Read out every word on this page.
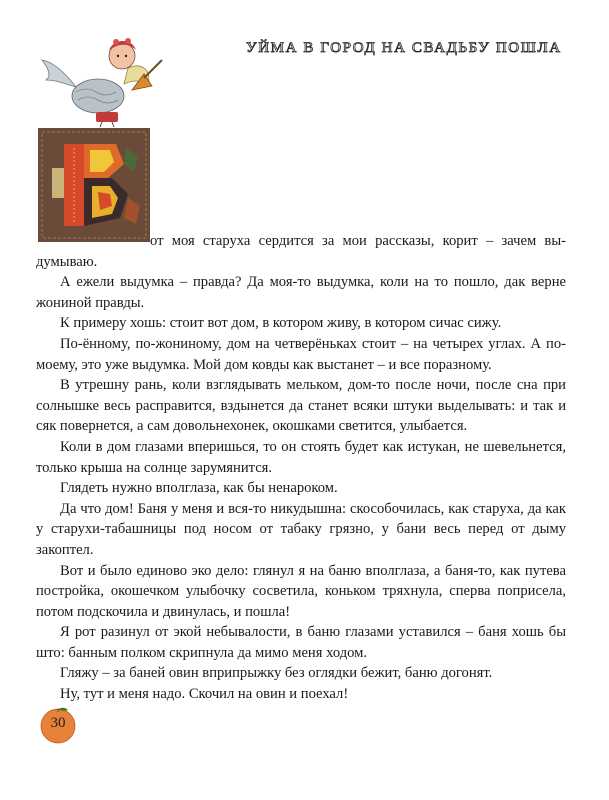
УЙМА В ГОРОД НА СВАДЬБУ ПОШЛА

от моя старуха сердится за мои рассказы, корит – зачем выдумываю.

А ежели выдумка – правда? Да моя-то выдумка, коли на то пошло, дак верне жониной правды.

К примеру хошь: стоит вот дом, в котором живу, в котором сичас сижу.

По-ённому, по-жониному, дом на четверёньках стоит – на четырех углах. А по-моему, это уже выдумка. Мой дом ковды как выстанет – и все поразному.

В утрешну рань, коли взглядывать мельком, дом-то после ночи, после сна при солнышке весь расправится, вздынется да станет всяки штуки выделывать: и так и сяк повернется, а сам довольнехонек, окошками светится, улыбается.

Коли в дом глазами вперишься, то он стоять будет как истукан, не шевельнется, только крыша на солнце зарумянится.

Глядеть нужно вполглаза, как бы ненароком.

Да что дом! Баня у меня и вся-то никудышна: скособочилась, как старуха, да как у старухи-табашницы под носом от табаку грязно, у бани весь перед от дыму закоптел.

Вот и было единово эко дело: глянул я на баню вполглаза, а баня-то, как путева постройка, окошечком улыбочку сосветила, коньком тряхнула, сперва поприсела, потом подскочила и двинулась, и пошла!

Я рот разинул от экой небывалости, в баню глазами уставился – баня хошь бы што: банным полком скрипнула да мимо меня ходом.

Гляжу – за баней овин вприпрыжку без оглядки бежит, баню догонят.

Ну, тут и меня надо. Скочил на овин и поехал!

30
